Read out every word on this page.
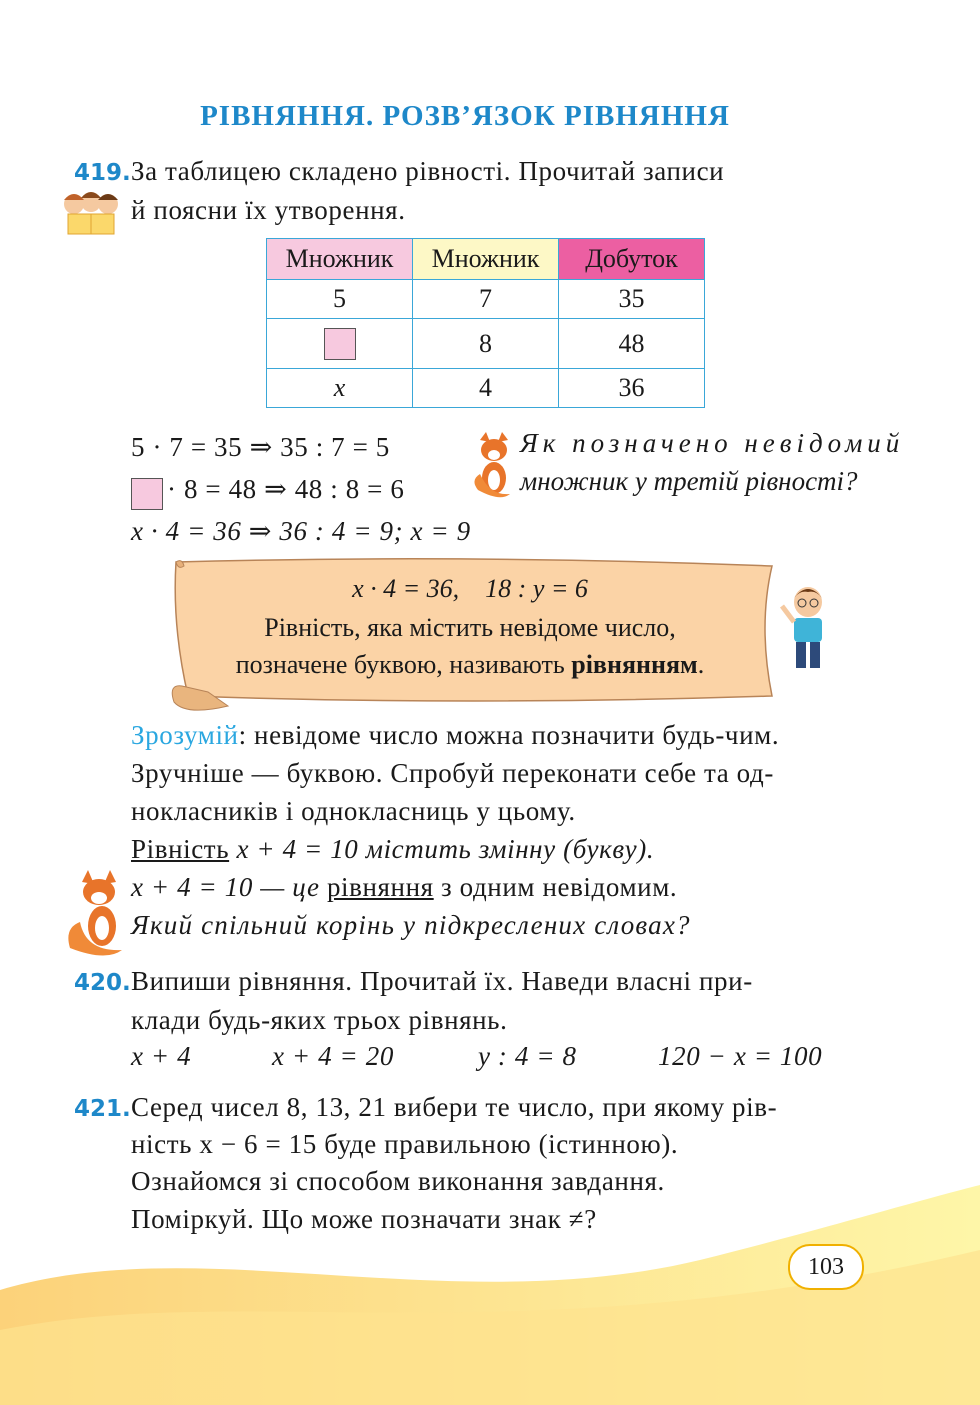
РІВНЯННЯ. РОЗВ’ЯЗОК РІВНЯННЯ
419. За таблицею складено рівності. Прочитай записи
й поясни їх утворення.
Множник	Множник	Добуток
5	7	35
	8	48
x	4	36
5 · 7 = 35 ⇒ 35 : 7 = 5
· 8 = 48 ⇒ 48 : 8 = 6
x · 4 = 36 ⇒ 36 : 4 = 9; x = 9
Як позначено невідомий
множник у третій рівності?
x · 4 = 36,    18 : y = 6
Рівність, яка містить невідоме число,
позначене буквою, називають рівнянням.
Зрозумій: невідоме число можна позначити будь-чим.
Зручніше — буквою. Спробуй переконати себе та од-
нокласників і однокласниць у цьому.
Рівність x + 4 = 10 містить змінну (букву).
x + 4 = 10 — це рівняння з одним невідомим.
Який спільний корінь у підкреслених словах?
420. Випиши рівняння. Прочитай їх. Наведи власні при-
клади будь-яких трьох рівнянь.
x + 4	x + 4 = 20	y : 4 = 8	120 − x = 100
421. Серед чисел 8, 13, 21 вибери те число, при якому рів-
ність x − 6 = 15 буде правильною (істинною).
Ознайомся зі способом виконання завдання.
Поміркуй. Що може позначати знак ≠?
103
